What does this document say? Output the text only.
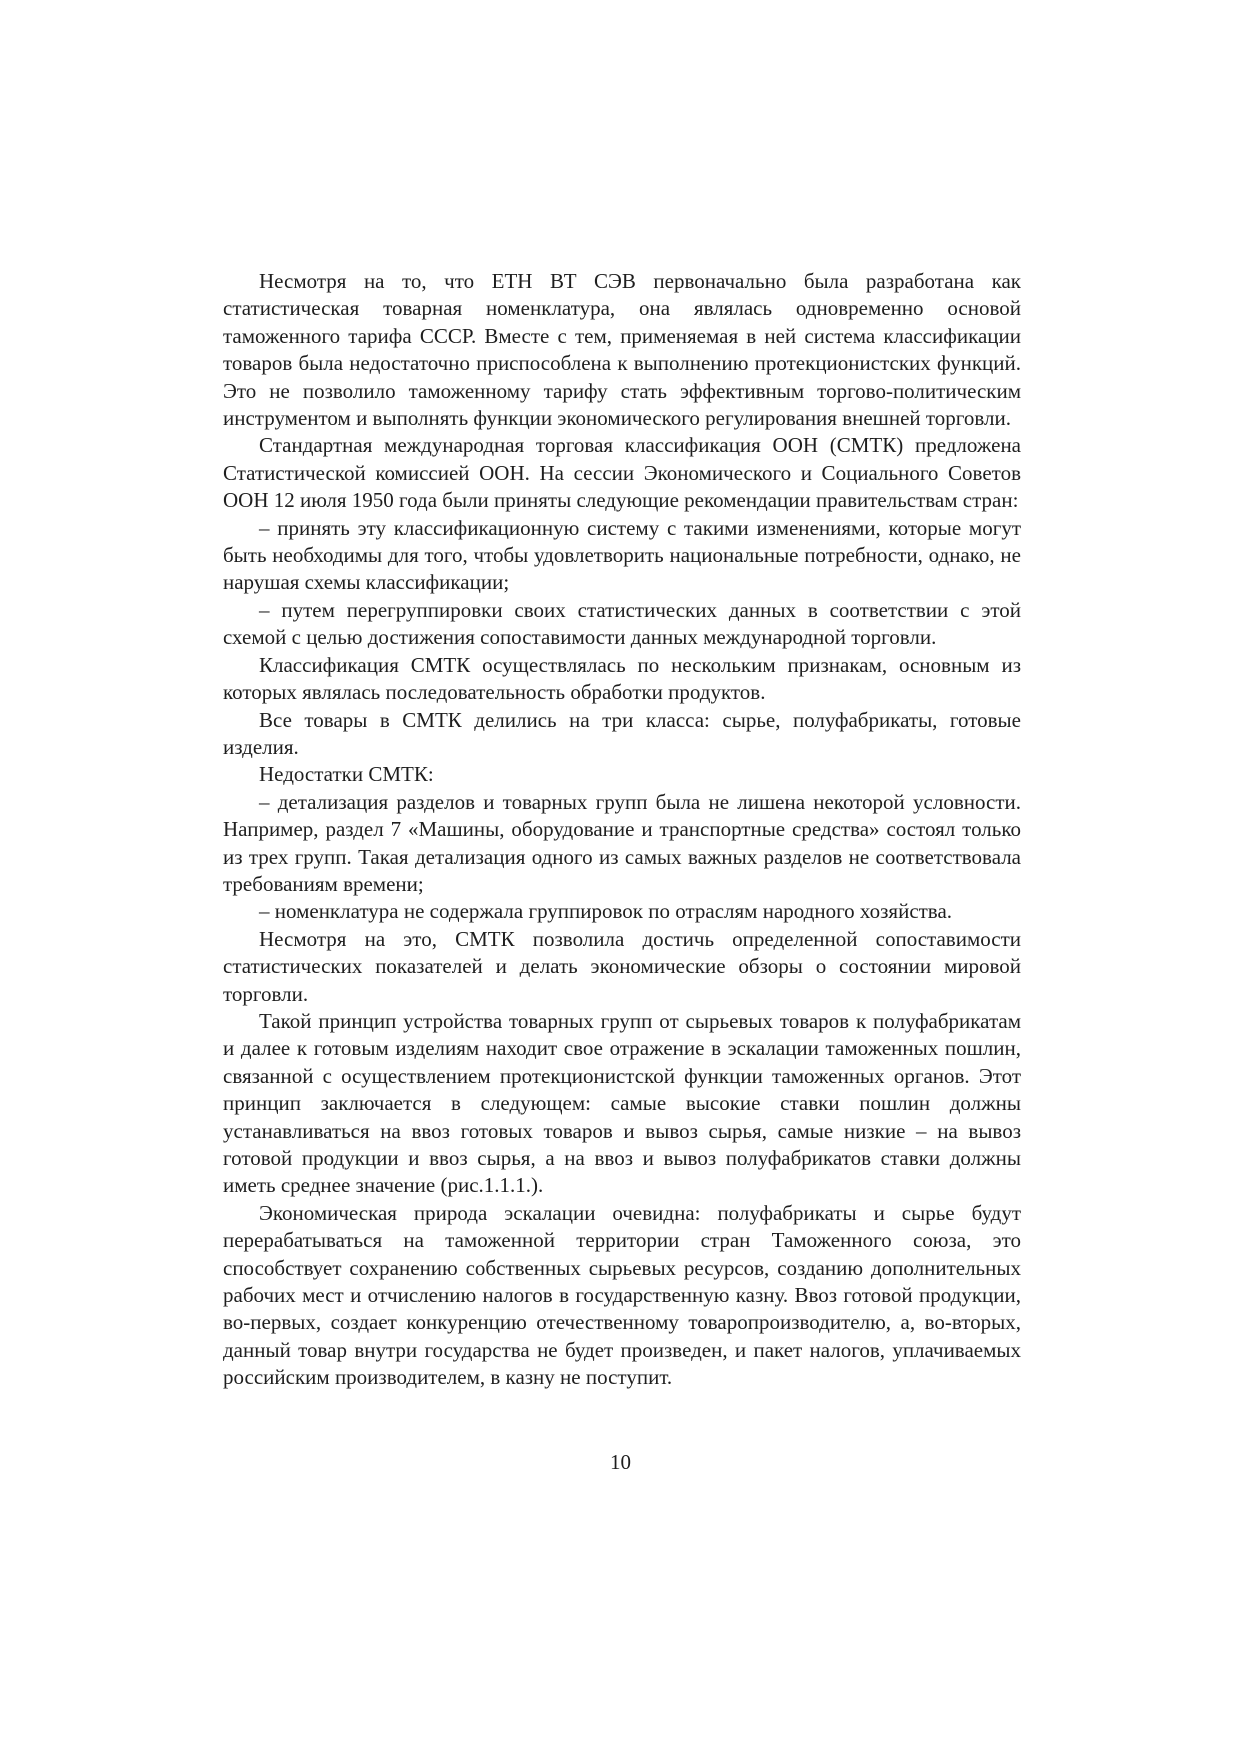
Несмотря на то, что ЕТН ВТ СЭВ первоначально была разработана как статистическая товарная номенклатура, она являлась одновременно основой таможенного тарифа СССР. Вместе с тем, применяемая в ней система классификации товаров была недостаточно приспособлена к выполнению протекционистских функций. Это не позволило таможенному тарифу стать эффективным торгово-политическим инструментом и выполнять функции экономического регулирования внешней торговли.

Стандартная международная торговая классификация ООН (СМТК) предложена Статистической комиссией ООН. На сессии Экономического и Социального Советов ООН 12 июля 1950 года были приняты следующие рекомендации правительствам стран:

– принять эту классификационную систему с такими изменениями, которые могут быть необходимы для того, чтобы удовлетворить национальные потребности, однако, не нарушая схемы классификации;

– путем перегруппировки своих статистических данных в соответствии с этой схемой с целью достижения сопоставимости данных международной торговли.

Классификация СМТК осуществлялась по нескольким признакам, основным из которых являлась последовательность обработки продуктов.

Все товары в СМТК делились на три класса: сырье, полуфабрикаты, готовые изделия.

Недостатки СМТК:

– детализация разделов и товарных групп была не лишена некоторой условности. Например, раздел 7 «Машины, оборудование и транспортные средства» состоял только из трех групп. Такая детализация одного из самых важных разделов не соответствовала требованиям времени;

– номенклатура не содержала группировок по отраслям народного хозяйства.

Несмотря на это, СМТК позволила достичь определенной сопоставимости статистических показателей и делать экономические обзоры о состоянии мировой торговли.

Такой принцип устройства товарных групп от сырьевых товаров к полуфабрикатам и далее к готовым изделиям находит свое отражение в эскалации таможенных пошлин, связанной с осуществлением протекционистской функции таможенных органов. Этот принцип заключается в следующем: самые высокие ставки пошлин должны устанавливаться на ввоз готовых товаров и вывоз сырья, самые низкие – на вывоз готовой продукции и ввоз сырья, а на ввоз и вывоз полуфабрикатов ставки должны иметь среднее значение (рис.1.1.1.).

Экономическая природа эскалации очевидна: полуфабрикаты и сырье будут перерабатываться на таможенной территории стран Таможенного союза, это способствует сохранению собственных сырьевых ресурсов, созданию дополнительных рабочих мест и отчислению налогов в государственную казну. Ввоз готовой продукции, во-первых, создает конкуренцию отечественному товаропроизводителю, а, во-вторых, данный товар внутри государства не будет произведен, и пакет налогов, уплачиваемых российским производителем, в казну не поступит.

10
